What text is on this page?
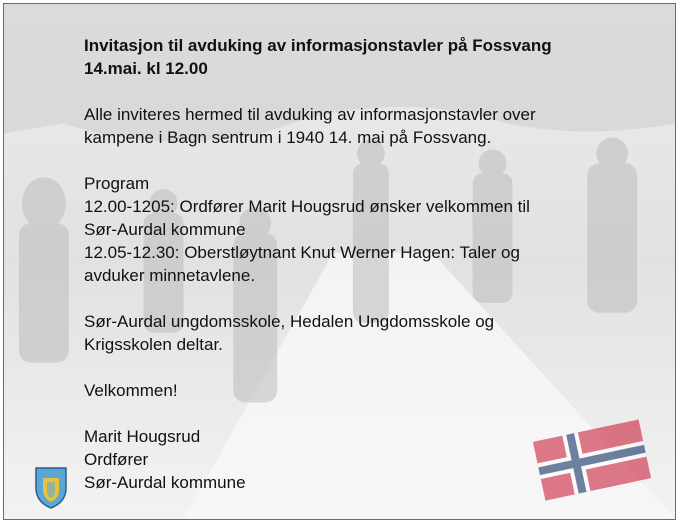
Invitasjon til avduking av informasjonstavler på Fossvang
14.mai. kl 12.00

Alle inviteres hermed til avduking av informasjonstavler over
kampene i Bagn sentrum i 1940 14. mai på Fossvang.

Program
12.00-1205: Ordfører Marit Hougsrud ønsker velkommen til
Sør-Aurdal kommune
12.05-12.30: Oberstløytnant Knut Werner Hagen: Taler og
avduker minnetavlene.

Sør-Aurdal ungdomsskole, Hedalen Ungdomsskole og
Krigsskolen deltar.

Velkommen!

Marit Hougsrud
Ordfører
Sør-Aurdal kommune
